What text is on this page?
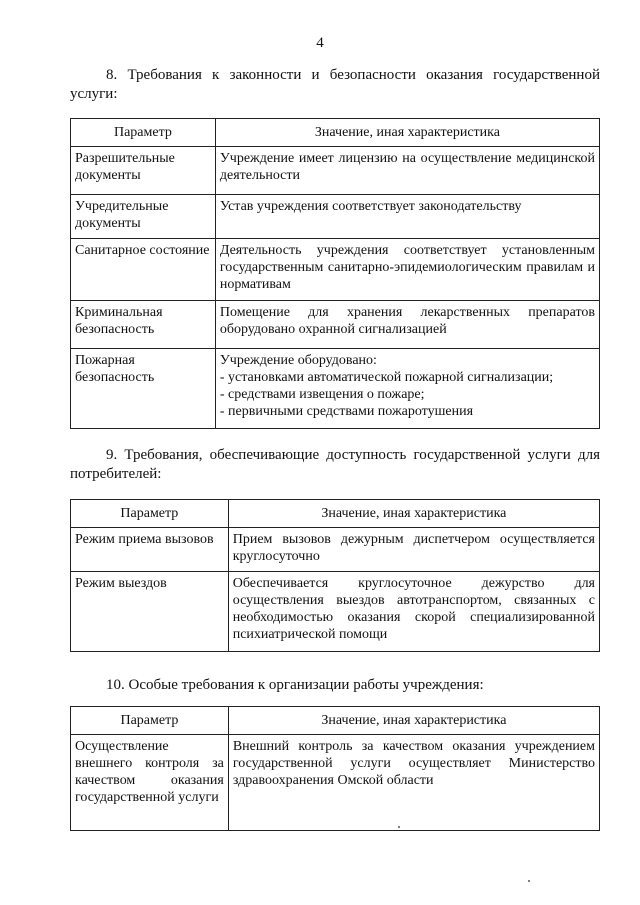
4
8. Требования к законности и безопасности оказания государственной услуги:
Параметр	Значение, иная характеристика
Разрешительные документы	Учреждение имеет лицензию на осуществление медицинской деятельности
Учредительные документы	Устав учреждения соответствует законодательству
Санитарное состояние	Деятельность учреждения соответствует установленным государственным санитарно-эпидемиологическим правилам и нормативам
Криминальная безопасность	Помещение для хранения лекарственных препаратов оборудовано охранной сигнализацией
Пожарная безопасность	Учреждение оборудовано:
- установками автоматической пожарной сигнализации;
- средствами извещения о пожаре;
- первичными средствами пожаротушения
9. Требования, обеспечивающие доступность государственной услуги для потребителей:
Параметр	Значение, иная характеристика
Режим приема вызовов	Прием вызовов дежурным диспетчером осуществляется круглосуточно
Режим выездов	Обеспечивается круглосуточное дежурство для осуществления выездов автотранспортом, связанных с необходимостью оказания скорой специализированной психиатрической помощи
10. Особые требования к организации работы учреждения:
Параметр	Значение, иная характеристика
Осуществление внешнего контроля за качеством оказания государственной услуги	Внешний контроль за качеством оказания учреждением государственной услуги осуществляет Министерство здравоохранения Омской области
